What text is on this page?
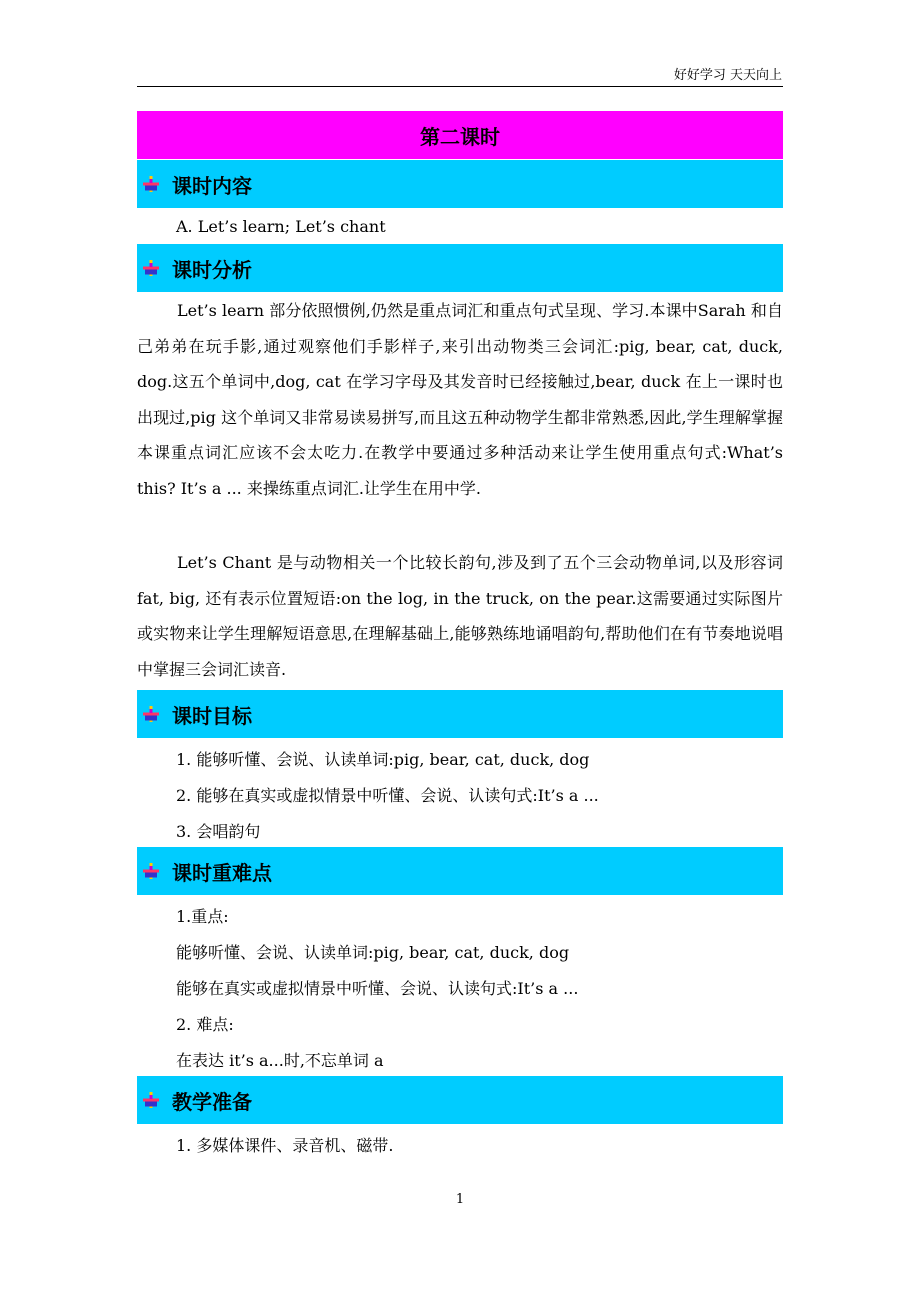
好好学习 天天向上
第二课时
课时内容
A. Let’s learn; Let’s chant
课时分析
Let’s learn 部分依照惯例,仍然是重点词汇和重点句式呈现、学习.本课中Sarah 和自己弟弟在玩手影,通过观察他们手影样子,来引出动物类三会词汇:pig, bear, cat, duck, dog.这五个单词中,dog, cat 在学习字母及其发音时已经接触过,bear, duck 在上一课时也出现过,pig 这个单词又非常易读易拼写,而且这五种动物学生都非常熟悉,因此,学生理解掌握本课重点词汇应该不会太吃力.在教学中要通过多种活动来让学生使用重点句式:What’s this? It’s a ... 来操练重点词汇.让学生在用中学.
Let’s Chant 是与动物相关一个比较长韵句,涉及到了五个三会动物单词,以及形容词 fat, big, 还有表示位置短语:on the log, in the truck, on the pear.这需要通过实际图片或实物来让学生理解短语意思,在理解基础上,能够熟练地诵唱韵句,帮助他们在有节奏地说唱中掌握三会词汇读音.
课时目标
1. 能够听懂、会说、认读单词:pig, bear, cat, duck, dog
2. 能够在真实或虚拟情景中听懂、会说、认读句式:It’s a ...
3. 会唱韵句
课时重难点
1.重点:
能够听懂、会说、认读单词:pig, bear, cat, duck, dog
能够在真实或虚拟情景中听懂、会说、认读句式:It’s a ...
2. 难点:
在表达 it’s a...时,不忘单词 a
教学准备
1. 多媒体课件、录音机、磁带.
1
